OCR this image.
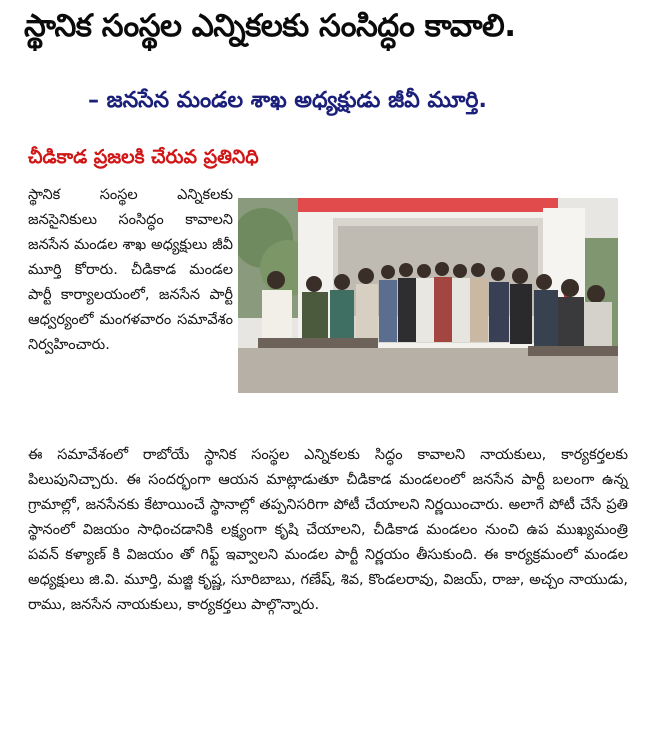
స్థానిక సంస్థల ఎన్నికలకు సంసిద్ధం కావాలి.
– జనసేన మండల శాఖ అధ్యక్షుడు జీవీ మూర్తి.
చీడికాడ ప్రజలకి చేరువ ప్రతినిధి
స్థానిక సంస్థల ఎన్నికలకు జనసైనికులు సంసిద్ధం కావాలని జనసేన మండల శాఖ అధ్యక్షులు జీవీ మూర్తి కోరారు. చీడికాడ మండల పార్టీ కార్యాలయంలో, జనసేన పార్టీ ఆధ్వర్యంలో మంగళవారం సమావేశం నిర్వహించారు.
ఈ సమావేశంలో రాబోయే స్థానిక సంస్థల ఎన్నికలకు సిద్ధం కావాలని నాయకులు, కార్యకర్తలకు పిలుపునిచ్చారు. ఈ సందర్భంగా ఆయన మాట్లాడుతూ చీడికాడ మండలంలో జనసేన పార్టీ బలంగా ఉన్న గ్రామాల్లో, జనసేనకు కేటాయించే స్థానాల్లో తప్పనిసరిగా పోటీ చేయాలని నిర్ణయించారు. అలాగే పోటీ చేసే ప్రతి స్థానంలో విజయం సాధించడానికి లక్ష్యంగా కృషి చేయాలని, చీడికాడ మండలం నుంచి ఉప ముఖ్యమంత్రి పవన్ కళ్యాణ్ కి విజయం తో గిఫ్ట్ ఇవ్వాలని మండల పార్టీ నిర్ణయం తీసుకుంది. ఈ కార్యక్రమంలో మండల అధ్యక్షులు జి.వి. మూర్తి, మజ్జి కృష్ణ, సూరిబాబు, గణేష్, శివ, కొండలరావు, విజయ్, రాజు, అచ్చం నాయుడు, రాము, జనసేన నాయకులు, కార్యకర్తలు పాల్గొన్నారు.
